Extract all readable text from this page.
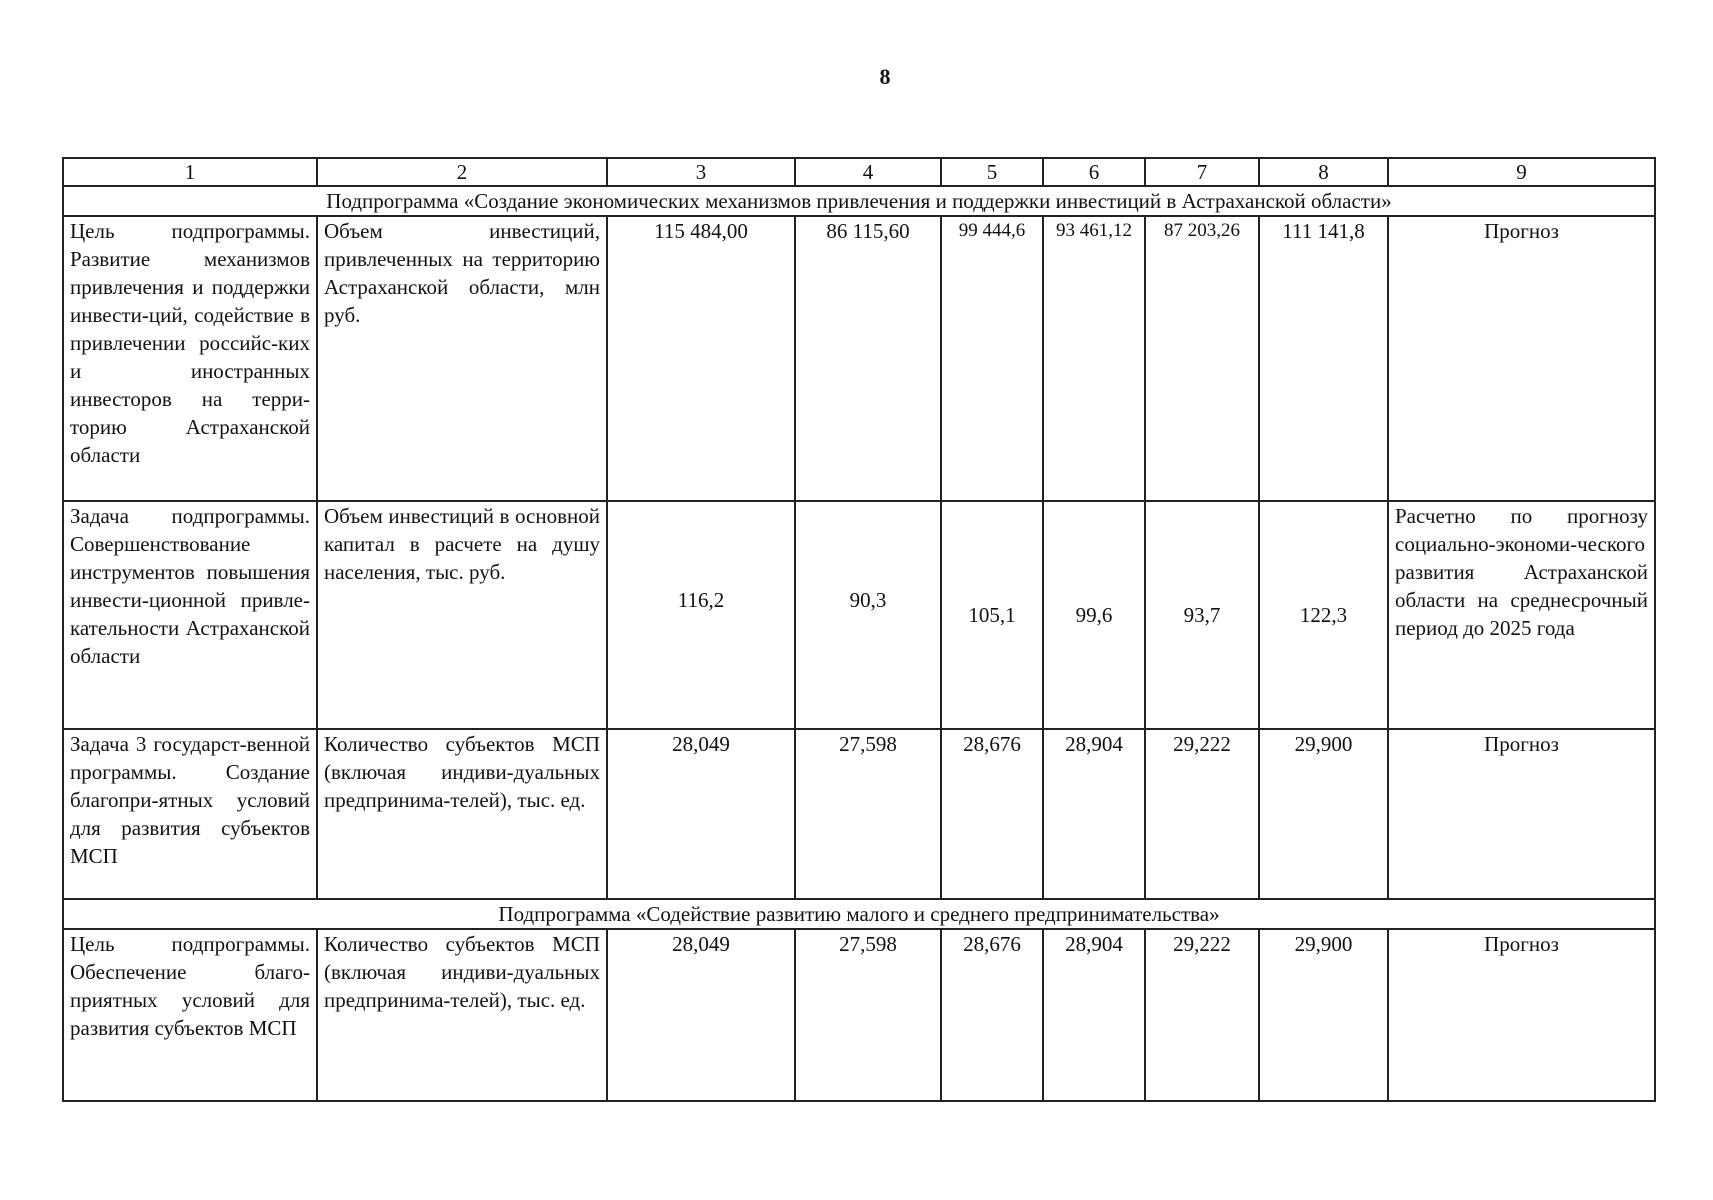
8
1	2	3	4	5	6	7	8	9
Подпрограмма «Создание экономических механизмов привлечения и поддержки инвестиций в Астраханской области»								
Цель подпрограммы. Развитие механизмов привлечения и поддержки инвести-ций, содействие в привлечении российс-ких и иностранных инвесторов на терри-торию Астраханской области	Объем инвестиций, привлеченных на территорию Астраханской области, млн руб.	115 484,00	86 115,60	99 444,6	93 461,12	87 203,26	111 141,8	Прогноз
Задача подпрограммы. Совершенствование инструментов повышения инвести-ционной привле-кательности Астраханской области	Объем инвестиций в основной капитал в расчете на душу населения, тыс. руб.	116,2	90,3	105,1	99,6	93,7	122,3	Расчетно по прогнозу социально-экономи-ческого развития Астраханской области на среднесрочный период до 2025 года
Задача 3 государст-венной программы. Создание благопри-ятных условий для развития субъектов МСП	Количество субъектов МСП (включая индиви-дуальных предпринима-телей), тыс. ед.	28,049	27,598	28,676	28,904	29,222	29,900	Прогноз
Подпрограмма «Содействие развитию малого и среднего предпринимательства»								
Цель подпрограммы. Обеспечение благо-приятных условий для развития субъектов МСП	Количество субъектов МСП (включая индиви-дуальных предпринима-телей), тыс. ед.	28,049	27,598	28,676	28,904	29,222	29,900	Прогноз
